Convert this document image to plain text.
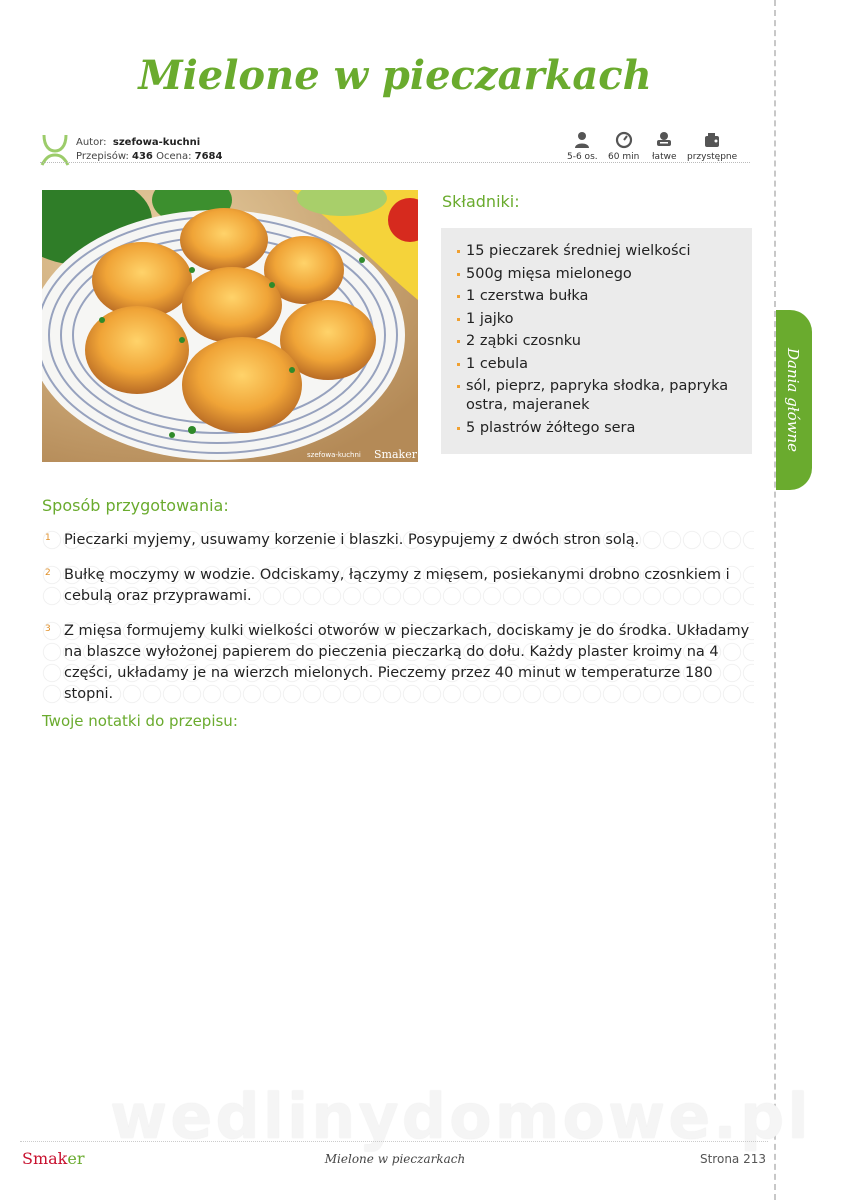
Mielone w pieczarkach
Autor: szefowa-kuchni
Przepisów: 436 Ocena: 7684	5-6 os. 60 min łatwe przystępne
szefowa-kuchni Smaker
Składniki:
15 pieczarek średniej wielkości
500g mięsa mielonego
1 czerstwa bułka
1 jajko
2 ząbki czosnku
1 cebula
sól, pieprz, papryka słodka, papryka ostra, majeranek
5 plastrów żółtego sera
Sposób przygotowania:
1 Pieczarki myjemy, usuwamy korzenie i blaszki. Posypujemy z dwóch stron solą.
2 Bułkę moczymy w wodzie. Odciskamy, łączymy z mięsem, posiekanymi drobno czosnkiem i cebulą oraz przyprawami.
3 Z mięsa formujemy kulki wielkości otworów w pieczarkach, dociskamy je do środka. Układamy na blaszce wyłożonej papierem do pieczenia pieczarką do dołu. Każdy plaster kroimy na 4 części, układamy je na wierzch mielonych. Pieczemy przez 40 minut w temperaturze 180 stopni.
Twoje notatki do przepisu:
Dania główne
wedlinydomowe.pl
Smaker	Mielone w pieczarkach	Strona 213
